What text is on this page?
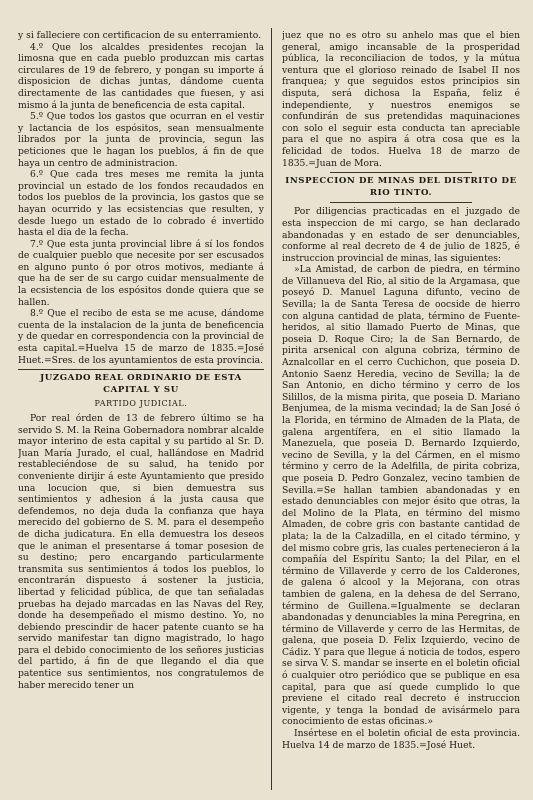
y si falleciere con certificacion de su enterramiento.

4.º Que los alcaldes presidentes recojan la limosna que en cada pueblo produzcan mis cartas circulares de 19 de febrero, y pongan su importe á disposicion de dichas juntas, dándome cuenta directamente de las cantidades que fuesen, y asi mismo á la junta de beneficencia de esta capital.

5.º Que todos los gastos que ocurran en el vestir y lactancia de los espósitos, sean mensualmente librados por la junta de provincia, segun las peticiones que le hagan los pueblos, á fin de que haya un centro de administracion.

6.º Que cada tres meses me remita la junta provincial un estado de los fondos recaudados en todos los pueblos de la provincia, los gastos que se hayan ocurrido y las ecsistencias que resulten, y desde luego un estado de lo cobrado é invertido hasta el dia de la fecha.

7.º Que esta junta provincial libre á sí los fondos de cualquier pueblo que necesite por ser escusados en alguno punto ó por otros motivos, mediante á que ha de ser de su cargo cuidar mensualmente de la ecsistencia de los espósitos donde quiera que se hallen.

8.º Que el recibo de esta se me acuse, dándome cuenta de la instalacion de la junta de beneficencia y de quedar en correspondencia con la provincial de esta capital.=Huelva 15 de marzo de 1835.=José Huet.=Sres. de los ayuntamientos de esta provincia.

JUZGADO REAL ORDINARIO DE ESTA CAPITAL Y SU
PARTIDO JUDICIAL.

Por real órden de 13 de febrero último se ha servido S. M. la Reina Gobernadora nombrar alcalde mayor interino de esta capital y su partido al Sr. D. Juan María Jurado, el cual, hallándose en Madrid restableciéndose de su salud, ha tenido por conveniente dirijir á este Ayuntamiento que presido una locucion que, si bien demuestra sus sentimientos y adhesion á la justa causa que defendemos, no deja duda la confianza que haya merecido del gobierno de S. M. para el desempeño de dicha judicatura. En ella demuestra los deseos que le animan el presentarse á tomar posesion de su destino; pero encargando particularmente transmita sus sentimientos á todos los pueblos, lo encontrarán dispuesto á sostener la justicia, libertad y felicidad pública, de que tan señaladas pruebas ha dejado marcadas en las Navas del Rey, donde ha desempeñado el mismo destino. Yo, no debiendo prescindir de hacer patente cuanto se ha servido manifestar tan digno magistrado, lo hago para el debido conocimiento de los señores justicias del partido, á fin de que llegando el dia que patentice sus sentimientos, nos congratulemos de haber merecido tener un

juez que no es otro su anhelo mas que el bien general, amigo incansable de la prosperidad pública, la reconciliacion de todos, y la mútua ventura que el glorioso reinado de Isabel II nos franquea; y que seguidos estos principios sin disputa, será dichosa la España, feliz é independiente, y nuestros enemigos se confundirán de sus pretendidas maquinaciones con solo el seguir esta conducta tan apreciable para el que no aspira á otra cosa que es la felicidad de todos. Huelva 18 de marzo de 1835.=Juan de Mora.

INSPECCION DE MINAS DEL DISTRITO DE RIO TINTO.

Por diligencias practicadas en el juzgado de esta inspeccion de mi cargo, se han declarado abandonadas y en estado de ser denunciables, conforme al real decreto de 4 de julio de 1825, é instruccion provincial de minas, las siguientes:

»La Amistad, de carbon de piedra, en término de Villanueva del Rio, al sitio de la Argamasa, que poseyó D. Manuel Laguna difunto, vecino de Sevilla; la de Santa Teresa de oocside de hierro con alguna cantidad de plata, término de Fuente-heridos, al sitio llamado Puerto de Minas, que poseia D. Roque Ciro; la de San Bernardo, de pirita arsenical con alguna cobriza, término de Aznalcollar en el cerro Cuchichon, que poseia D. Antonio Saenz Heredia, vecino de Sevilla; la de San Antonio, en dicho término y cerro de los Silillos, de la misma pirita, que poseia D. Mariano Benjumea, de la misma vecindad; la de San José ó la Florida, en término de Almaden de la Plata, de galena argentífera, en el sitio llamado la Manezuela, que poseia D. Bernardo Izquierdo, vecino de Sevilla, y la del Cármen, en el mismo término y cerro de la Adelfilla, de pirita cobriza, que poseia D. Pedro Gonzalez, vecino tambien de Sevilla.=Se hallan tambien abandonadas y en estado denunciables con mejor ésito que otras, la del Molino de la Plata, en término del mismo Almaden, de cobre gris con bastante cantidad de plata; la de la Calzadilla, en el citado término, y del mismo cobre gris, las cuales pertenecieron á la compañía del Espíritu Santo; la del Pilar, en el término de Villaverde y cerro de los Calderones, de galena ó alcool y la Mejorana, con otras tambien de galena, en la dehesa de del Serrano, término de Guillena.=Igualmente se declaran abandonadas y denunciables la mina Peregrina, en término de Villaverde y cerro de las Hermitas, de galena, que poseia D. Felix Izquierdo, vecino de Cádiz. Y para que llegue á noticia de todos, espero se sirva V. S. mandar se inserte en el boletin oficial ó cualquier otro periódico que se publique en esa capital, para que así quede cumplido lo que previene el citado real decreto é instruccion vigente, y tenga la bondad de avisármelo para conocimiento de estas oficinas.»

Insértese en el boletin oficial de esta provincia. Huelva 14 de marzo de 1835.=José Huet.
